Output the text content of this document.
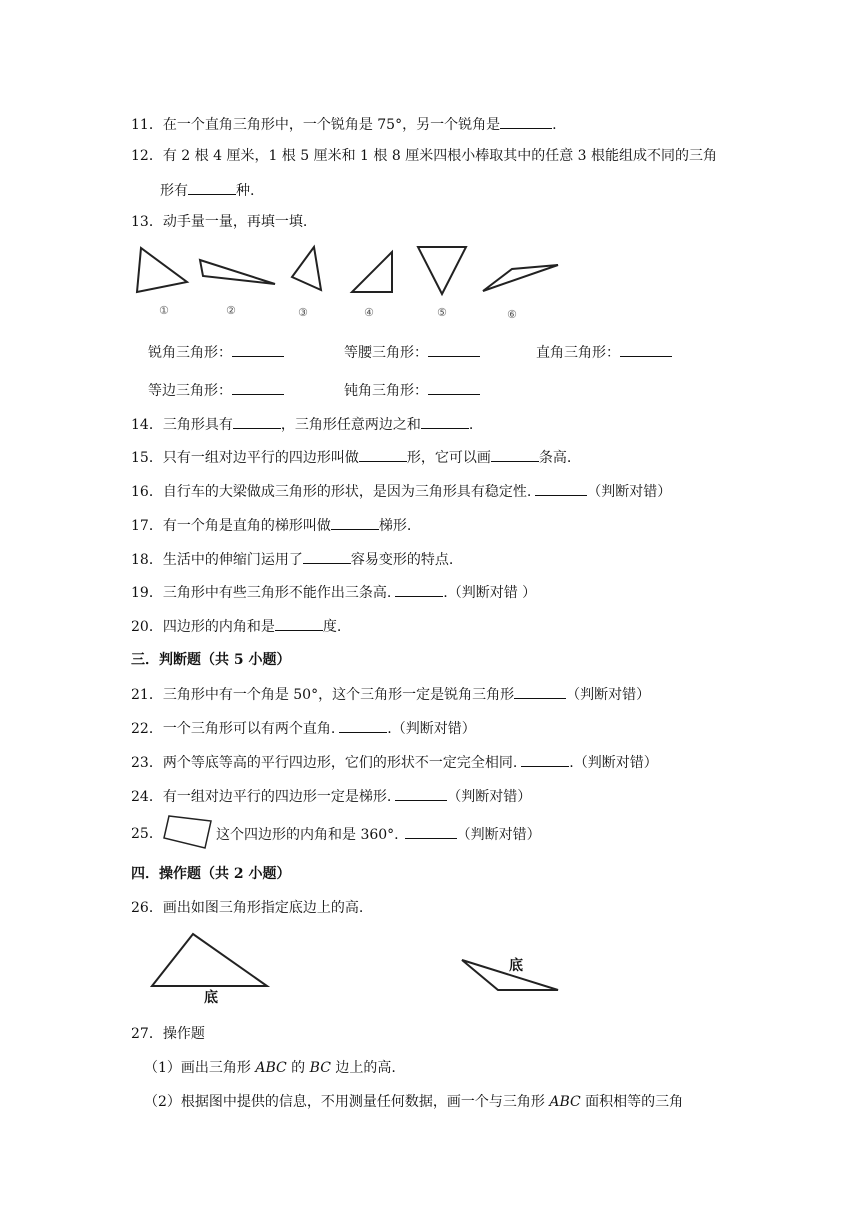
11．在一个直角三角形中，一个锐角是 75°，另一个锐角是	.
12．有 2 根 4 厘米，1 根 5 厘米和 1 根 8 厘米四根小棒取其中的任意 3 根能组成不同的三角
形有	种.
13．动手量一量，再填一填.
①	②	③	④	⑤	⑥
锐角三角形：	等腰三角形：	直角三角形：
等边三角形：	钝角三角形：
14．三角形具有	，三角形任意两边之和	.
15．只有一组对边平行的四边形叫做	形，它可以画	条高.
16．自行车的大梁做成三角形的形状，是因为三角形具有稳定性.	（判断对错）
17．有一个角是直角的梯形叫做	梯形.
18．生活中的伸缩门运用了	容易变形的特点.
19．三角形中有些三角形不能作出三条高.	.（判断对错 ）
20．四边形的内角和是	度.
三．判断题（共 5 小题）
21．三角形中有一个角是 50°，这个三角形一定是锐角三角形	（判断对错）
22．一个三角形可以有两个直角.	.（判断对错）
23．两个等底等高的平行四边形，它们的形状不一定完全相同.	.（判断对错）
24．有一组对边平行的四边形一定是梯形.	（判断对错）
25．	这个四边形的内角和是 360°.	（判断对错）
四．操作题（共 2 小题）
26．画出如图三角形指定底边上的高.
底
底
27．操作题
（1）画出三角形 ABC 的 BC 边上的高.
（2）根据图中提供的信息，不用测量任何数据，画一个与三角形 ABC 面积相等的三角
